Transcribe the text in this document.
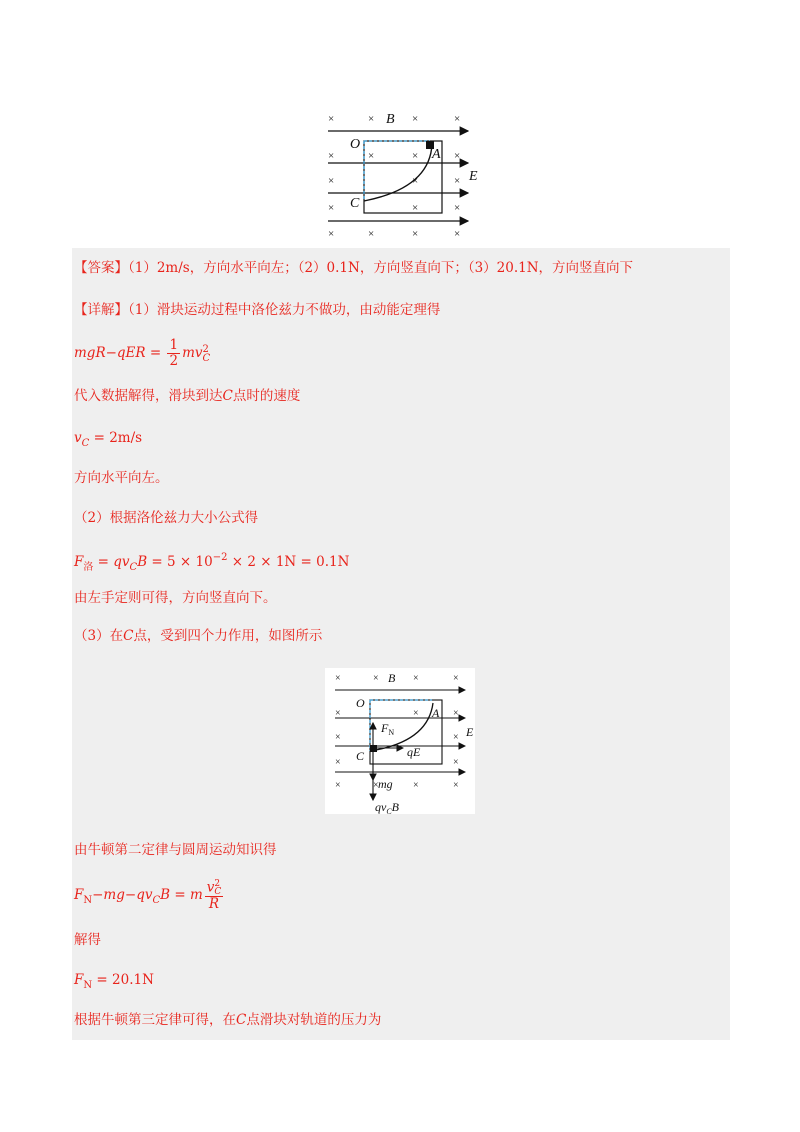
×	×	×	×
×	×	×	×
×	×	×
×	×	×
×	×	×	×
B
O
A
C
E
【答案】（1）2m/s，方向水平向左；（2）0.1N，方向竖直向下；（3）20.1N，方向竖直向下
【详解】（1）滑块运动过程中洛伦兹力不做功，由动能定理得
$mgR-qER = \frac{1}{2}$ mv 2
C
代入数据解得，滑块到达C点时的速度
$v_C = 2m/s$
方向水平向左。
（2）根据洛伦兹力大小公式得
$F_洛 = qv_CB = 5 \times 10^{-2} \times 2 \times 1N = 0.1N$
由左手定则可得，方向竖直向下。
（3）在C点，受到四个力作用，如图所示
×	×	×	×
×	×	×
×	×
×	×
×	×	×	×
B
O
A
C
E
$F_N$
qE
mg
$qv_CB$
由牛顿第二定律与圆周运动知识得
$F_N-mg-qv_CB = m$ v 2
C
R
解得
$F_N = 20.1N$
根据牛顿第三定律可得，在C点滑块对轨道的压力为
